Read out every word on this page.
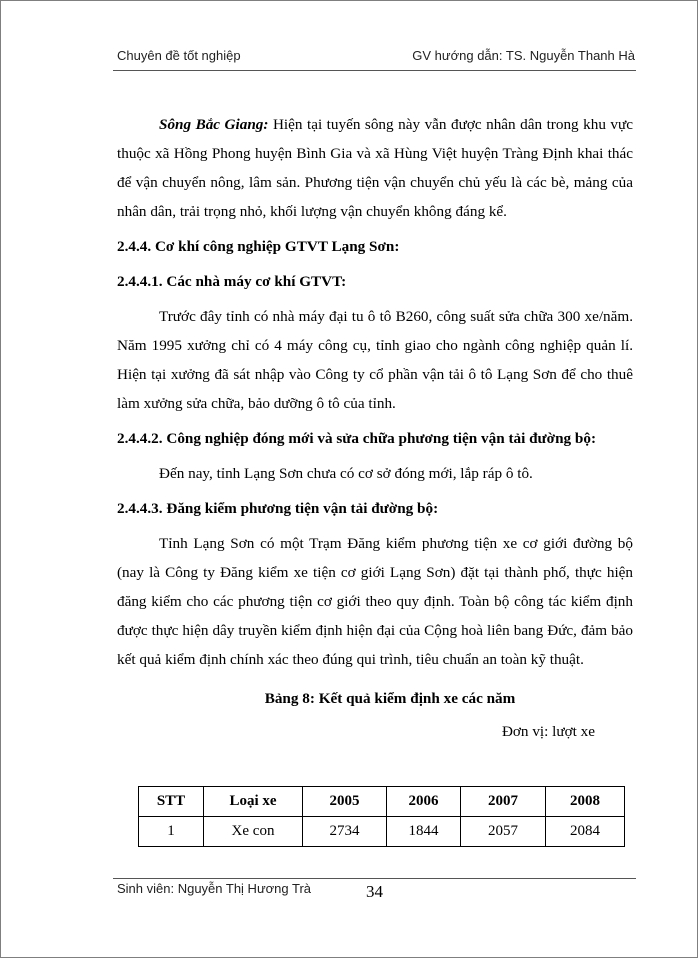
Chuyên đề tốt nghiệp	GV hướng dẫn: TS. Nguyễn Thanh Hà

Sông Bắc Giang: Hiện tại tuyến sông này vẫn được nhân dân trong khu vực thuộc xã Hồng Phong huyện Bình Gia và xã Hùng Việt huyện Tràng Định khai thác để vận chuyển nông, lâm sản. Phương tiện vận chuyển chủ yếu là các bè, mảng của nhân dân, trải trọng nhỏ, khối lượng vận chuyển không đáng kể.

2.4.4. Cơ khí công nghiệp GTVT Lạng Sơn:

2.4.4.1. Các nhà máy cơ khí GTVT:

Trước đây tỉnh có nhà máy đại tu ô tô B260, công suất sửa chữa 300 xe/năm. Năm 1995 xưởng chỉ có 4 máy công cụ, tỉnh giao cho ngành công nghiệp quản lí. Hiện tại xưởng đã sát nhập vào Công ty cổ phần vận tải ô tô Lạng Sơn để cho thuê làm xưởng sửa chữa, bảo dưỡng ô tô của tỉnh.

2.4.4.2. Công nghiệp đóng mới và sửa chữa phương tiện vận tải đường bộ:

Đến nay, tỉnh Lạng Sơn chưa có cơ sở đóng mới, lắp ráp ô tô.

2.4.4.3. Đăng kiểm phương tiện vận tải đường bộ:

Tỉnh Lạng Sơn có một Trạm Đăng kiểm phương tiện xe cơ giới đường bộ (nay là Công ty Đăng kiểm xe tiện cơ giới Lạng Sơn) đặt tại thành phố, thực hiện đăng kiểm cho các phương tiện cơ giới theo quy định. Toàn bộ công tác kiểm định được thực hiện dây truyền kiểm định hiện đại của Cộng hoà liên bang Đức, đảm bảo kết quả kiểm định chính xác theo đúng qui trình, tiêu chuẩn an toàn kỹ thuật.

Bảng 8: Kết quả kiểm định xe các năm

Đơn vị: lượt xe

STT	Loại xe	2005	2006	2007	2008
1	Xe con	2734	1844	2057	2084
Sinh viên: Nguyễn Thị Hương Trà	34
